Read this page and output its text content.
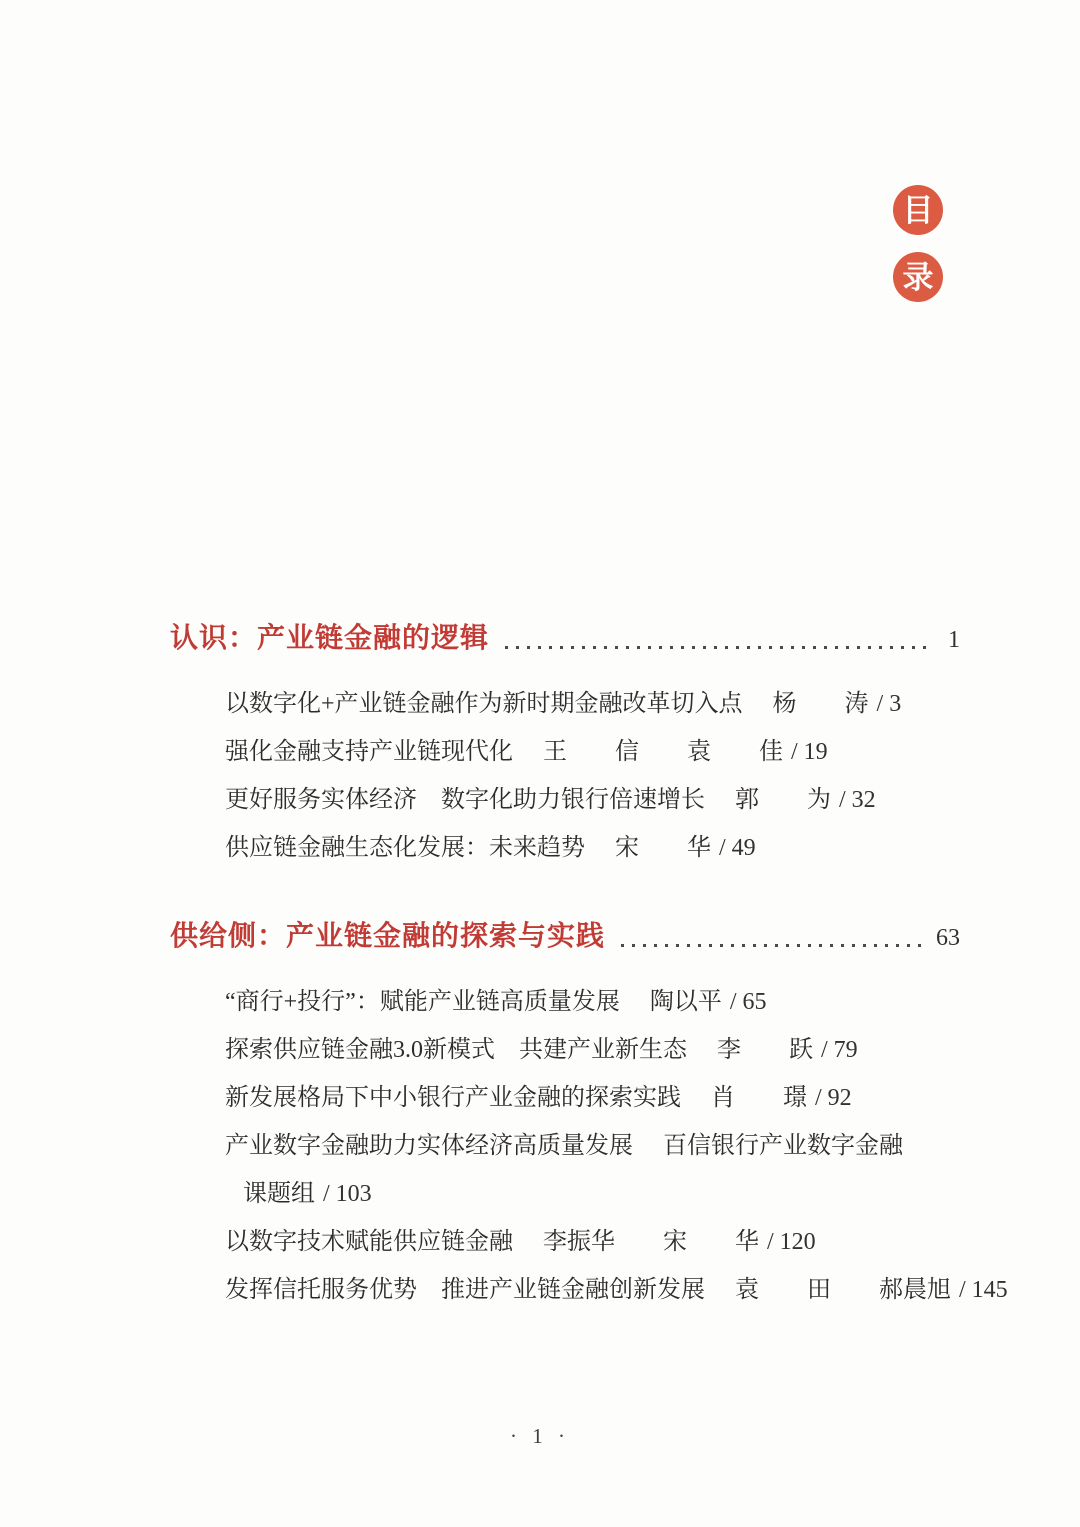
目
录
认识：产业链金融的逻辑	1
以数字化+产业链金融作为新时期金融改革切入点 杨　　涛 / 3
强化金融支持产业链现代化 王　　信　　袁　　佳 / 19
更好服务实体经济　数字化助力银行倍速增长 郭　　为 / 32
供应链金融生态化发展：未来趋势 宋　　华 / 49
供给侧：产业链金融的探索与实践	63
“商行+投行”：赋能产业链高质量发展 陶以平 / 65
探索供应链金融3.0新模式　共建产业新生态 李　　跃 / 79
新发展格局下中小银行产业金融的探索实践 肖　　璟 / 92
产业数字金融助力实体经济高质量发展 百信银行产业数字金融
课题组 / 103
以数字技术赋能供应链金融 李振华　　宋　　华 / 120
发挥信托服务优势　推进产业链金融创新发展 袁　　田　　郝晨旭 / 145
· 1 ·
